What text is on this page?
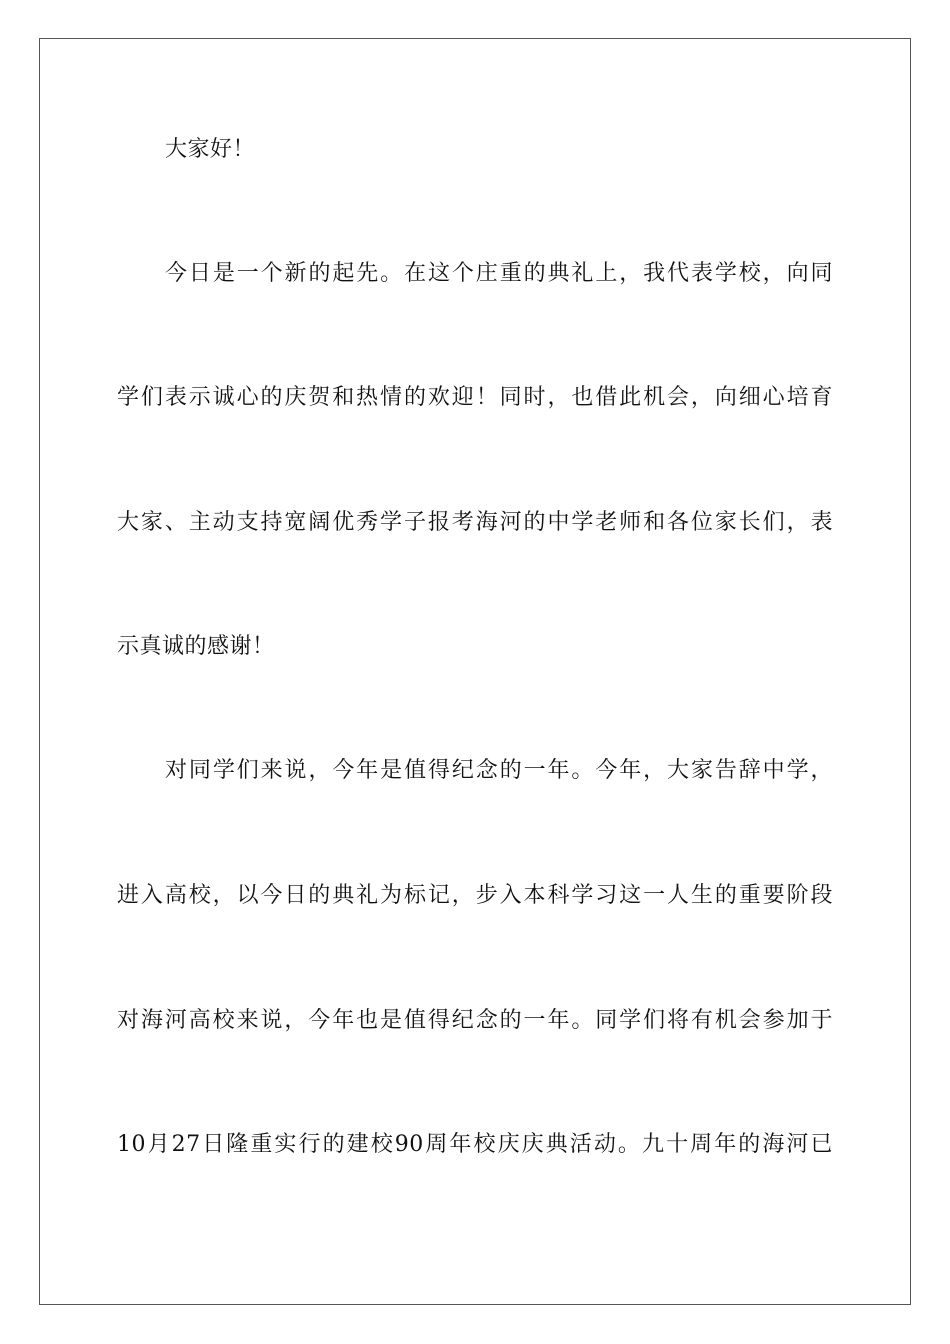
大家好！
今日是一个新的起先。在这个庄重的典礼上，我代表学校，向同
学们表示诚心的庆贺和热情的欢迎！同时，也借此机会，向细心培育
大家、主动支持宽阔优秀学子报考海河的中学老师和各位家长们，表
示真诚的感谢！
对同学们来说，今年是值得纪念的一年。今年，大家告辞中学，
进入高校，以今日的典礼为标记，步入本科学习这一人生的重要阶段
对海河高校来说，今年也是值得纪念的一年。同学们将有机会参加于
10月27日隆重实行的建校90周年校庆庆典活动。九十周年的海河已
